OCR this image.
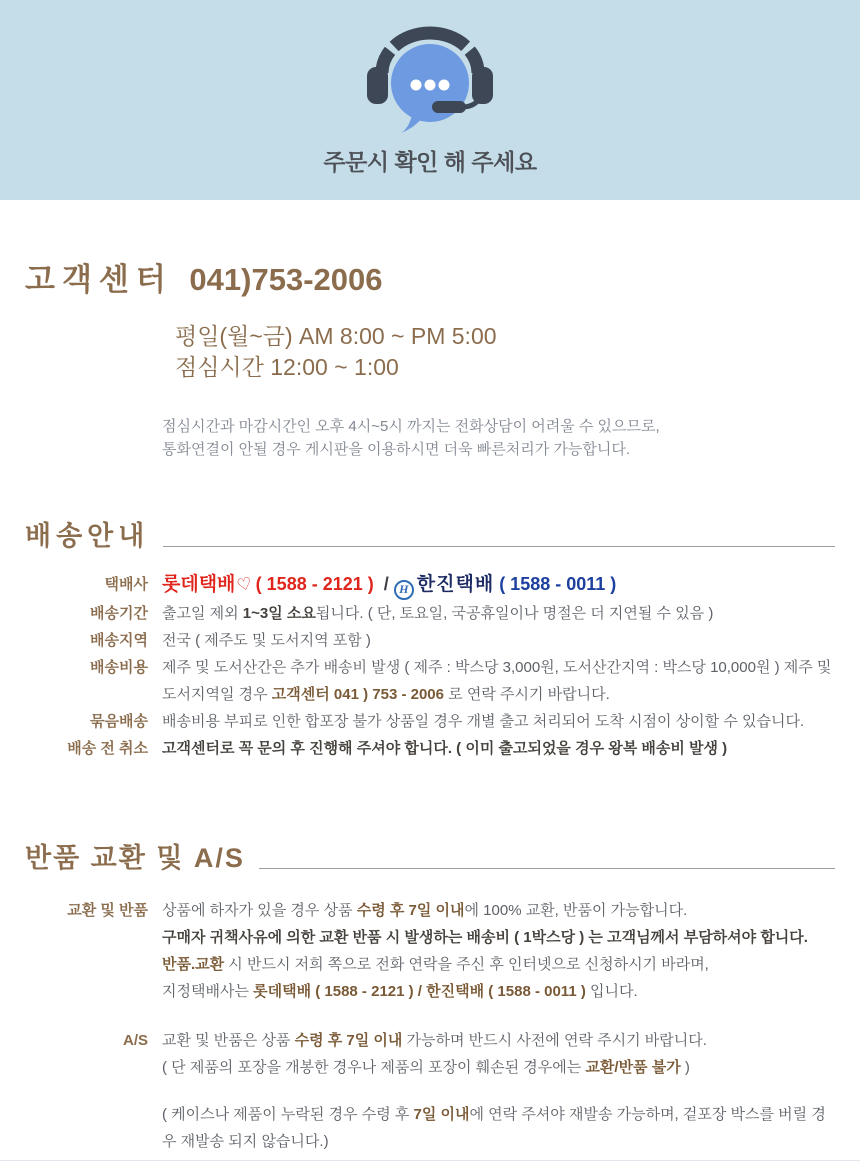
주문시 확인 해 주세요
고객센터 041)753-2006
평일(월~금) AM 8:00 ~ PM 5:00
점심시간 12:00 ~ 1:00
점심시간과 마감시간인 오후 4시~5시 까지는 전화상담이 어려울 수 있으므로,
통화연결이 안될 경우 게시판을 이용하시면 더욱 빠른처리가 가능합니다.
배송안내
택배사 롯데택배♡( 1588 - 2121 ) / H 한진택배 ( 1588 - 0011 )

배송기간 출고일 제외 1~3일 소요됩니다. ( 단, 토요일, 국공휴일이나 명절은 더 지연될 수 있음 )

배송지역 전국 ( 제주도 및 도서지역 포함 )

배송비용 제주 및 도서산간은 추가 배송비 발생 ( 제주 : 박스당 3,000원, 도서산간지역 : 박스당 10,000원 ) 제주 및 도서지역일 경우 고객센터 041 ) 753 - 2006 로 연락 주시기 바랍니다.

묶음배송 배송비용 부피로 인한 합포장 불가 상품일 경우 개별 출고 처리되어 도착 시점이 상이할 수 있습니다.

배송 전 취소 고객센터로 꼭 문의 후 진행해 주셔야 합니다. ( 이미 출고되었을 경우 왕복 배송비 발생 )

반품 교환 및 A/S
교환 및 반품 상품에 하자가 있을 경우 상품 수령 후 7일 이내에 100% 교환, 반품이 가능합니다.

구매자 귀책사유에 의한 교환 반품 시 발생하는 배송비 ( 1박스당 ) 는 고객님께서 부담하셔야 합니다.

반품.교환 시 반드시 저희 쪽으로 전화 연락을 주신 후 인터넷으로 신청하시기 바라며,

지정택배사는 롯데택배 ( 1588 - 2121 ) / 한진택배 ( 1588 - 0011 ) 입니다.

A/S 교환 및 반품은 상품 수령 후 7일 이내 가능하며 반드시 사전에 연락 주시기 바랍니다.

( 단 제품의 포장을 개봉한 경우나 제품의 포장이 훼손된 경우에는 교환/반품 불가 )

( 케이스나 제품이 누락된 경우 수령 후 7일 이내에 연락 주셔야 재발송 가능하며, 겉포장 박스를 버릴 경우 재발송 되지 않습니다.)
